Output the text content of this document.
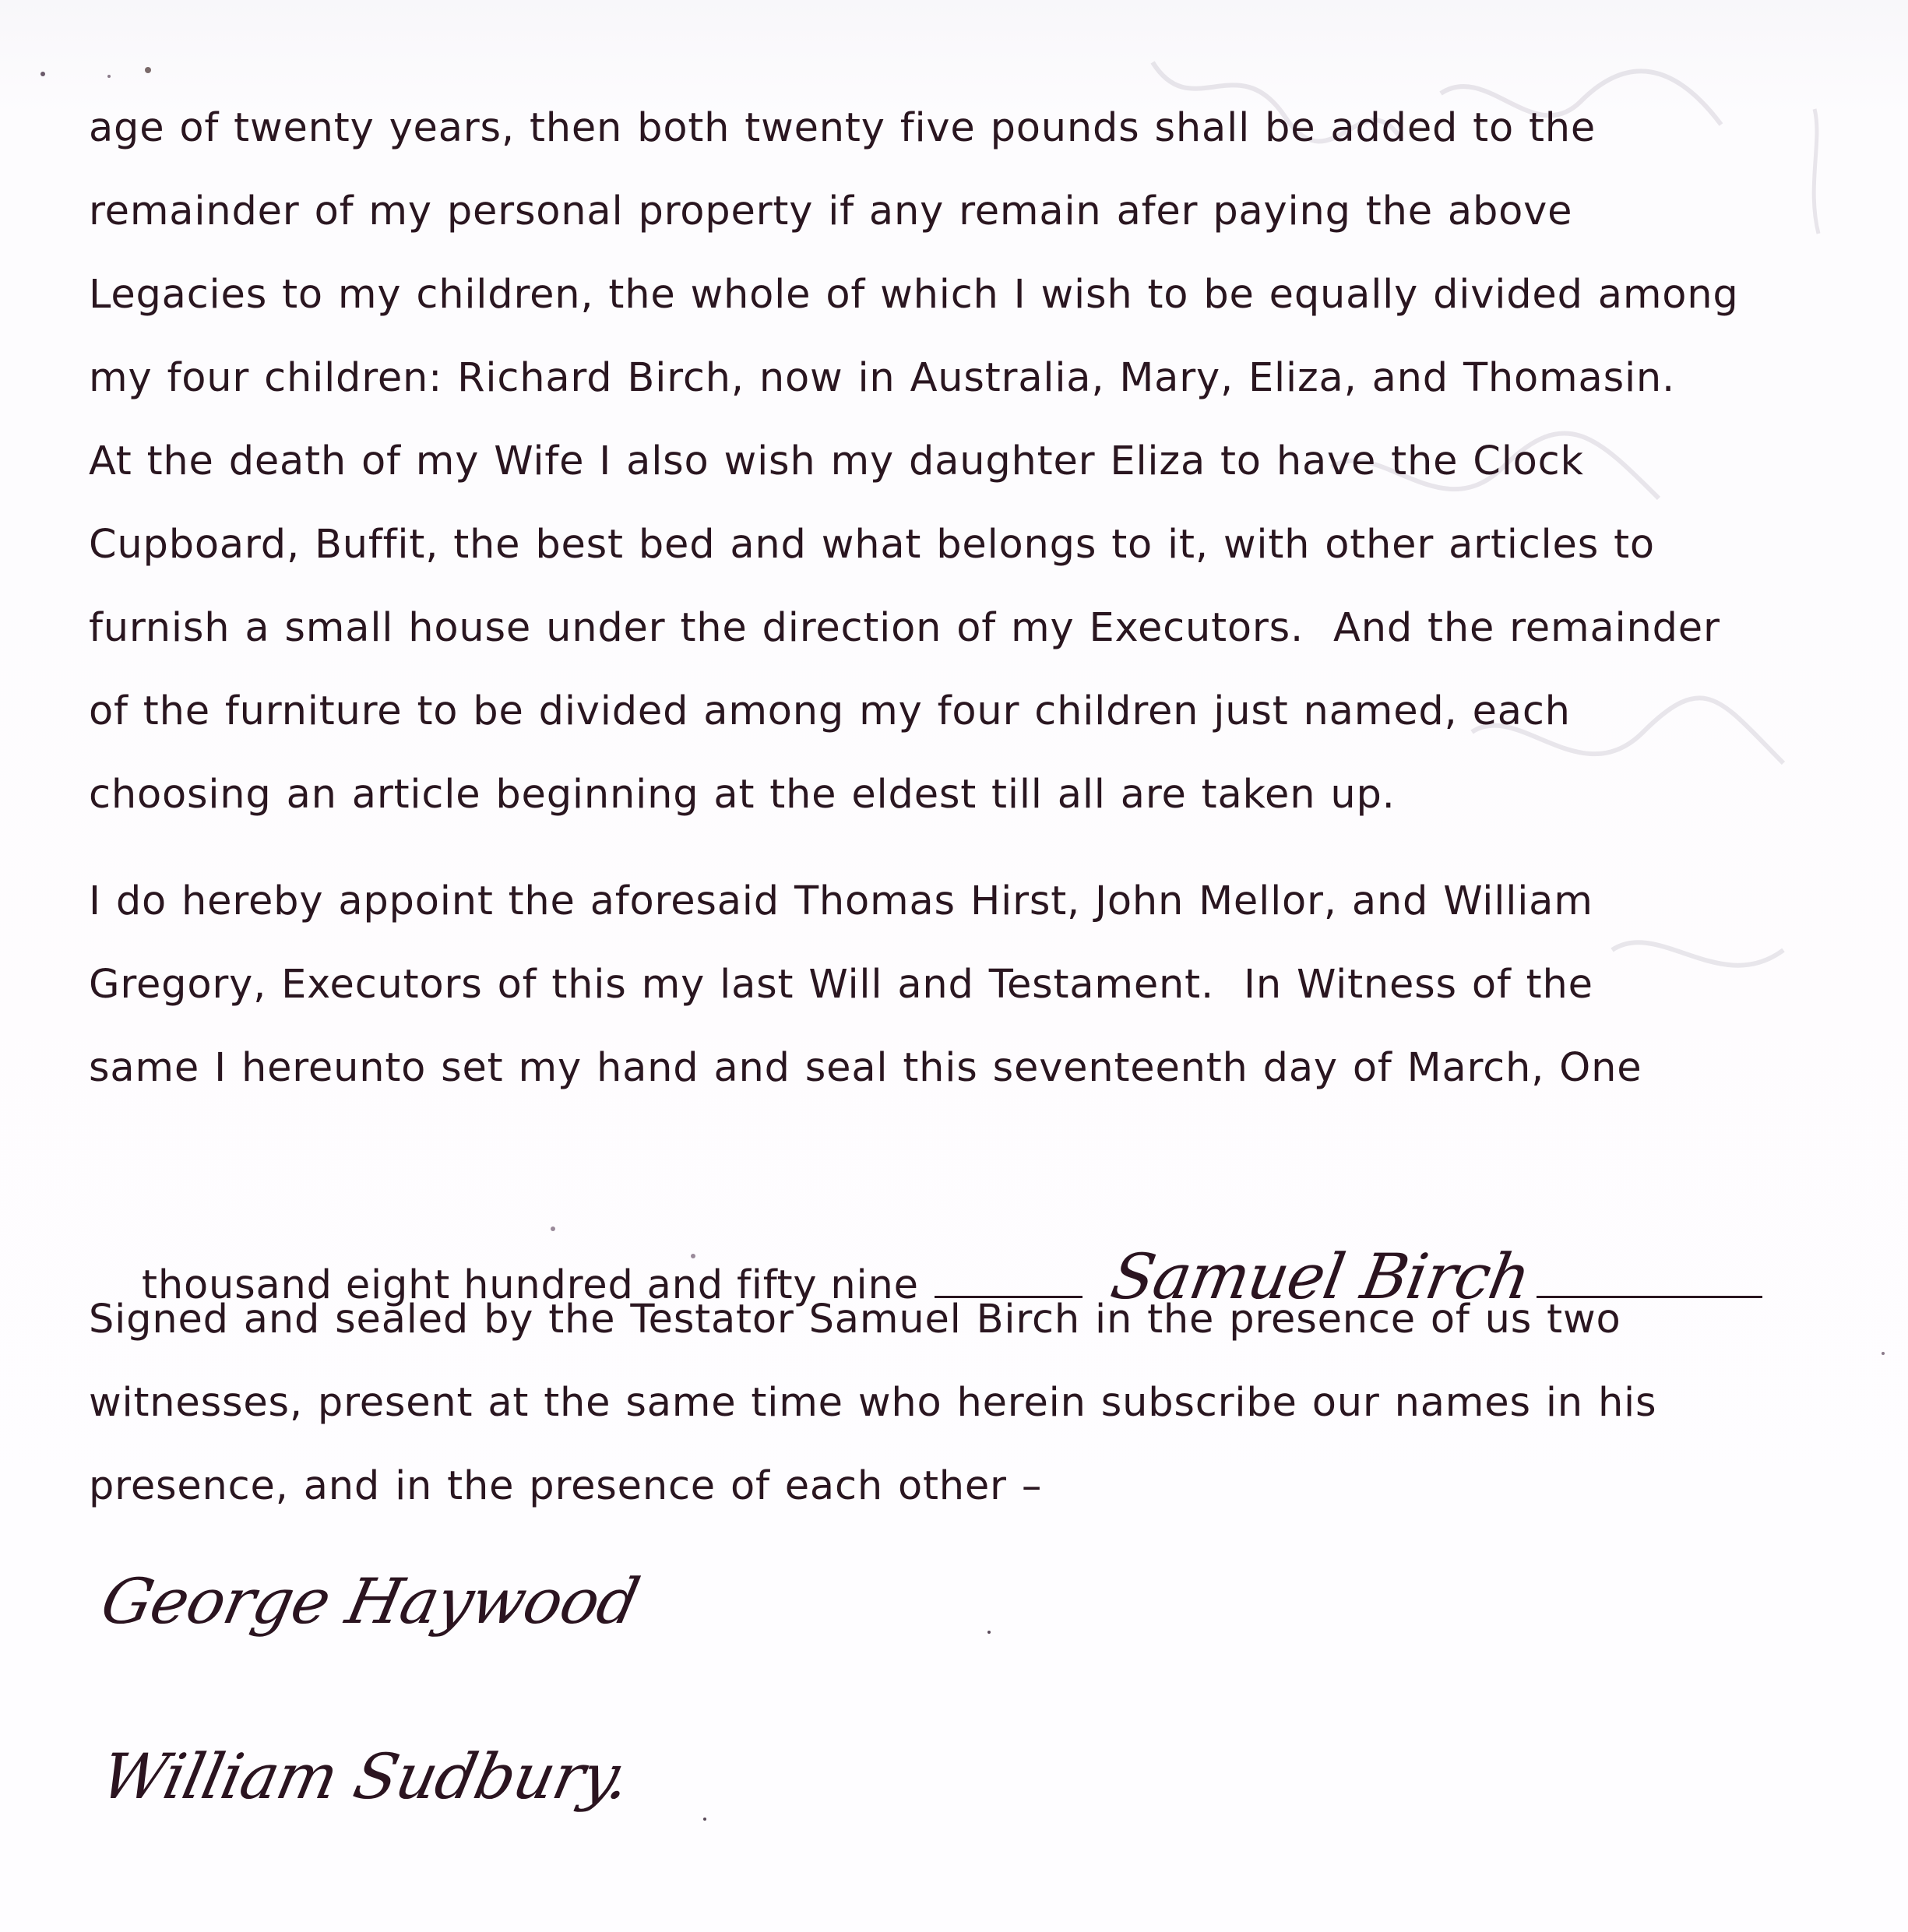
age of twenty years, then both twenty five pounds shall be added to the
remainder of my personal property if any remain afer paying the above
Legacies to my children, the whole of which I wish to be equally divided among
my four children: Richard Birch, now in Australia, Mary, Eliza, and Thomasin.
At the death of my Wife I also wish my daughter Eliza to have the Clock
Cupboard, Buffit, the best bed and what belongs to it, with other articles to
furnish a small house under the direction of my Executors.  And the remainder
of the furniture to be divided among my four children just named, each
choosing an article beginning at the eldest till all are taken up.
I do hereby appoint the aforesaid Thomas Hirst, John Mellor, and William
Gregory, Executors of this my last Will and Testament.  In Witness of the
same I hereunto set my hand and seal this seventeenth day of March, One

thousand eight hundred and fifty nine	Samuel Birch

Signed and sealed by the Testator Samuel Birch in the presence of us two
witnesses, present at the same time who herein subscribe our names in his
presence, and in the presence of each other –
George Haywood
William Sudbury.
